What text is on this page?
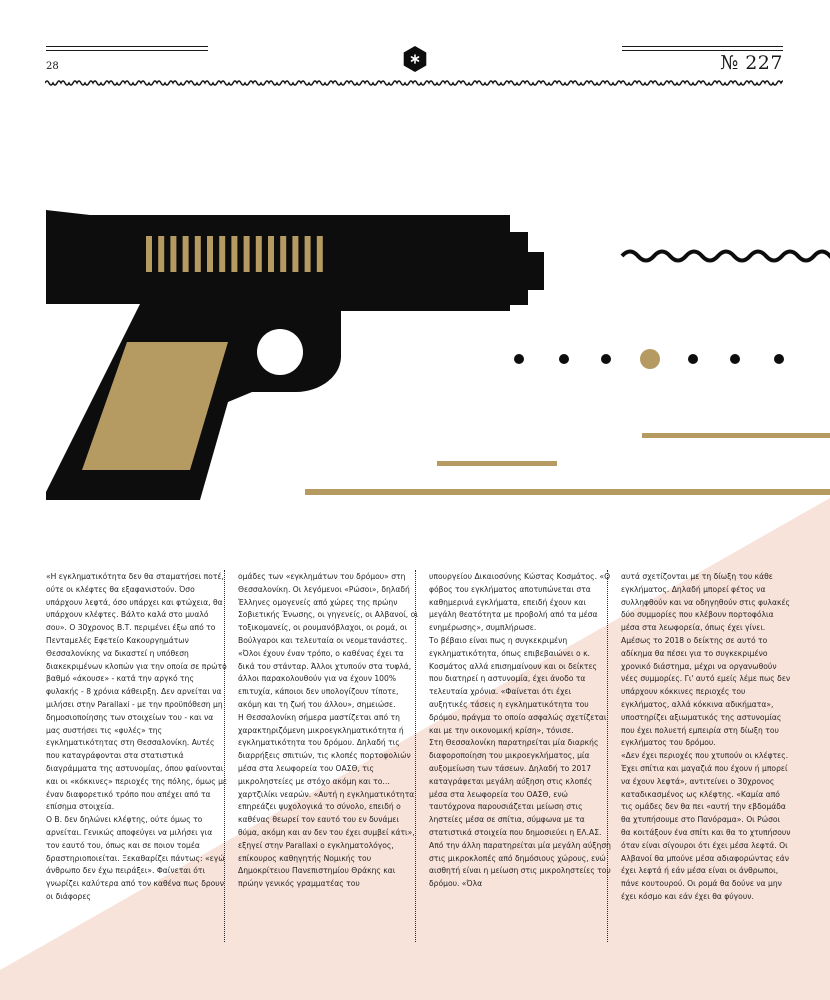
28	№ 227

«Η εγκληματικότητα δεν θα σταματήσει ποτέ, ούτε οι κλέφτες θα εξαφανιστούν. Όσο υπάρχουν λεφτά, όσο υπάρχει και φτώχεια, θα υπάρχουν κλέφτες. Βάλτο καλά στο μυαλό σου». Ο 30χρονος Β.Τ. περιμένει έξω από το Πενταμελές Εφετείο Κακουργημάτων Θεσσαλονίκης να δικαστεί η υπόθεση διακεκριμένων κλοπών για την οποία σε πρώτο βαθμό «άκουσε» - κατά την αργκό της φυλακής - 8 χρόνια κάθειρξη. Δεν αρνείται να μιλήσει στην Parallaxi - με την προϋπόθεση μη δημοσιοποίησης των στοιχείων του - και να μας συστήσει τις «φυλές» της εγκληματικότητας στη Θεσσαλονίκη. Αυτές που καταγράφονται στα στατιστικά διαγράμματα της αστυνομίας, όπου φαίνονται και οι «κόκκινες» περιοχές της πόλης, όμως με έναν διαφορετικό τρόπο που απέχει από τα επίσημα στοιχεία.

Ο Β. δεν δηλώνει κλέφτης, ούτε όμως το αρνείται. Γενικώς αποφεύγει να μιλήσει για τον εαυτό του, όπως και σε ποιον τομέα δραστηριοποιείται. Ξεκαθαρίζει πάντως: «εγώ άνθρωπο δεν έχω πειράξει». Φαίνεται ότι γνωρίζει καλύτερα από τον καθένα πως δρουν οι διάφορες

ομάδες των «εγκλημάτων του δρόμου» στη Θεσσαλονίκη. Οι λεγόμενοι «Ρώσοι», δηλαδή Έλληνες ομογενείς από χώρες της πρώην Σοβιετικής Ένωσης, οι γηγενείς, οι Αλβανοί, οι τοξικομανείς, οι ρουμανόβλαχοι, οι ρομά, οι Βούλγαροι και τελευταία οι νεομετανάστες. «Όλοι έχουν έναν τρόπο, ο καθένας έχει τα δικά του στάνταρ. Άλλοι χτυπούν στα τυφλά, άλλοι παρακολουθούν για να έχουν 100% επιτυχία, κάποιοι δεν υπολογίζουν τίποτε, ακόμη και τη ζωή του άλλου», σημειώσε.

Η Θεσσαλονίκη σήμερα μαστίζεται από τη χαρακτηριζόμενη μικροεγκληματικότητα ή εγκληματικότητα του δρόμου. Δηλαδή τις διαρρήξεις σπιτιών, τις κλοπές πορτοφολιών μέσα στα λεωφορεία του ΟΑΣΘ, τις μικροληστείες με στόχο ακόμη και το… χαρτζιλίκι νεαρών. «Αυτή η εγκληματικότητα επηρεάζει ψυχολογικά το σύνολο, επειδή ο καθένας θεωρεί τον εαυτό του εν δυνάμει θύμα, ακόμη και αν δεν του έχει συμβεί κάτι», εξηγεί στην Parallaxi ο εγκληματολόγος, επίκουρος καθηγητής Νομικής του Δημοκρίτειου Πανεπιστημίου Θράκης και πρώην γενικός γραμματέας του

υπουργείου Δικαιοσύνης Κώστας Κοσμάτος. «Ο φόβος του εγκλήματος αποτυπώνεται στα καθημερινά εγκλήματα, επειδή έχουν και μεγάλη θεατότητα με προβολή από τα μέσα ενημέρωσης», συμπλήρωσε.

Το βέβαιο είναι πως η συγκεκριμένη εγκληματικότητα, όπως επιβεβαιώνει ο κ. Κοσμάτος αλλά επισημαίνουν και οι δείκτες που διατηρεί η αστυνομία, έχει άνοδο τα τελευταία χρόνια. «Φαίνεται ότι έχει αυξητικές τάσεις η εγκληματικότητα του δρόμου, πράγμα το οποίο ασφαλώς σχετίζεται και με την οικονομική κρίση», τόνισε.

Στη Θεσσαλονίκη παρατηρείται μία διαρκής διαφοροποίηση του μικροεγκλήματος, μία αυξομείωση των τάσεων. Δηλαδή το 2017 καταγράφεται μεγάλη αύξηση στις κλοπές μέσα στα λεωφορεία του ΟΑΣΘ, ενώ ταυτόχρονα παρουσιάζεται μείωση στις ληστείες μέσα σε σπίτια, σύμφωνα με τα στατιστικά στοιχεία που δημοσιεύει η ΕΛ.ΑΣ. Από την άλλη παρατηρείται μία μεγάλη αύξηση στις μικροκλοπές από δημόσιους χώρους, ενώ αισθητή είναι η μείωση στις μικροληστείες του δρόμου. «Όλα

αυτά σχετίζονται με τη δίωξη του κάθε εγκλήματος. Δηλαδή μπορεί φέτος να συλληφθούν και να οδηγηθούν στις φυλακές δύο συμμορίες που κλέβουν πορτοφόλια μέσα στα λεωφορεία, όπως έχει γίνει. Αμέσως το 2018 ο δείκτης σε αυτό το αδίκημα θα πέσει για το συγκεκριμένο χρονικό διάστημα, μέχρι να οργανωθούν νέες συμμορίες. Γι' αυτό εμείς λέμε πως δεν υπάρχουν κόκκινες περιοχές του εγκλήματος, αλλά κόκκινα αδικήματα», υποστηρίζει αξιωματικός της αστυνομίας που έχει πολυετή εμπειρία στη δίωξη του εγκλήματος του δρόμου.

«Δεν έχει περιοχές που χτυπούν οι κλέφτες. Έχει σπίτια και μαγαζιά που έχουν ή μπορεί να έχουν λεφτά», αντιτείνει ο 30χρονος καταδικασμένος ως κλέφτης. «Καμία από τις ομάδες δεν θα πει «αυτή την εβδομάδα θα χτυπήσουμε στο Πανόραμα». Οι Ρώσοι θα κοιτάξουν ένα σπίτι και θα το χτυπήσουν όταν είναι σίγουροι ότι έχει μέσα λεφτά. Οι Αλβανοί θα μπούνε μέσα αδιαφορώντας εάν έχει λεφτά ή εάν μέσα είναι οι άνθρωποι, πάνε κουτουρού. Οι ρομά θα δούνε να μην έχει κόσμο και εάν έχει θα φύγουν.
